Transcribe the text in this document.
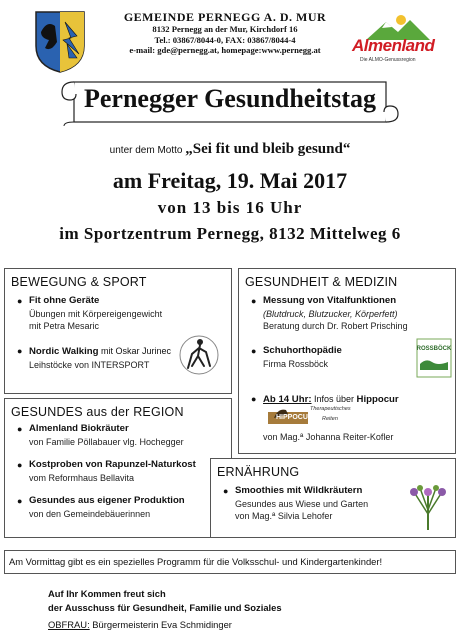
GEMEINDE PERNEGG A. D. MUR
8132 Pernegg an der Mur, Kirchdorf 16
Tel.: 03867/8044-0, FAX: 03867/8044-4
e-mail: gde@pernegg.at, homepage:www.pernegg.at	Almenland
Die ALMO-Genussregion
Pernegger Gesundheitstag
unter dem Motto „Sei fit und bleib gesund“
am Freitag, 19. Mai 2017
von 13 bis 16 Uhr
im Sportzentrum Pernegg, 8132 Mittelweg 6
BEWEGUNG & SPORT
● Fit ohne Geräte
Übungen mit Körpereigengewicht
mit Petra Mesaric
● Nordic Walking mit Oskar Jurinec
Leihstöcke von INTERSPORT
GESUNDHEIT & MEDIZIN
● Messung von Vitalfunktionen
(Blutdruck, Blutzucker, Körperfett)
Beratung durch Dr. Robert Prisching
● Schuhorthopädie
Firma Rossböck
● Ab 14 Uhr: Infos über Hippocur
von Mag.ª Johanna Reiter-Kofler
ROSSBÖCK
HIPPOCUR
Therapeutisches
Reiten
GESUNDES aus der REGION
● Almenland Biokräuter
von Familie Pöllabauer vlg. Hochegger
● Kostproben von Rapunzel-Naturkost
vom Reformhaus Bellavita
● Gesundes aus eigener Produktion
von den Gemeindebäuerinnen
ERNÄHRUNG
● Smoothies mit Wildkräutern
Gesundes aus Wiese und Garten
von Mag.ª Silvia Lehofer
Am Vormittag gibt es ein spezielles Programm für die Volksschul- und Kindergartenkinder!
Auf Ihr Kommen freut sich
der Ausschuss für Gesundheit, Familie und Soziales
OBFRAU: Bürgermeisterin Eva Schmidinger
